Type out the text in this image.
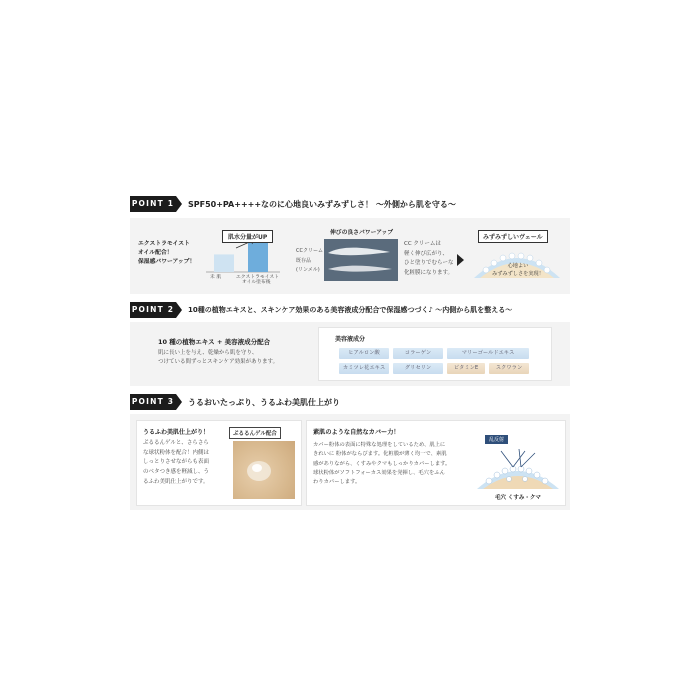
POINT 1 SPF50+PA++++なのに心地良いみずみずしさ！ ～外側から肌を守る～
エクストラモイスト
オイル配合！
保湿感パワーアップ！
肌水分量がUP
未 肌	エクストラモイスト
オイル塗布後
伸びの良さパワーアップ
CCクリーム
既存品
(リンメル)
CC クリームは
軽く伸び広がり、
ひと塗りでむらーな
化粧膜になります。
みずみずしいヴェール
心地よい
みずみずしさを実現！
POINT 2 10種の植物エキスと、スキンケア効果のある美容液成分配合で保湿感つづく♪ ～内側から肌を整える～
10 種の植物エキス + 美容液成分配合
肌に長い上を与え、乾燥から肌を守り、
つけている間ずっとスキンケア効果があります。
美容液成分
ヒアルロン酸	コラーゲン	マリーゴールドエキス
カミツレ花エキス	グリセリン	ビタミンE	スクワラン
POINT 3 うるおいたっぷり、うるふわ美肌仕上がり
うるふわ美肌仕上がり！
ぷるるんゲルと、さらさら
な球状粉体を配合！内側は
しっとりさせながらも表面
のベタつき感を軽減し、う
るふわ美肌仕上がりです。
ぷるるんゲル配合	素肌のような自然なカバー力！
カバー粉体の表面に特殊な処理をしているため、肌上に
きれいに 粉体がならびます。化粧膜が薄く均一で、素肌
感がありながら、くすみやクマもしっかりカバーします。
球状粉体がソフトフォーカス効果を発揮し、毛穴をふん
わりカバーします。
乱反射
毛穴 くすみ・クマ
